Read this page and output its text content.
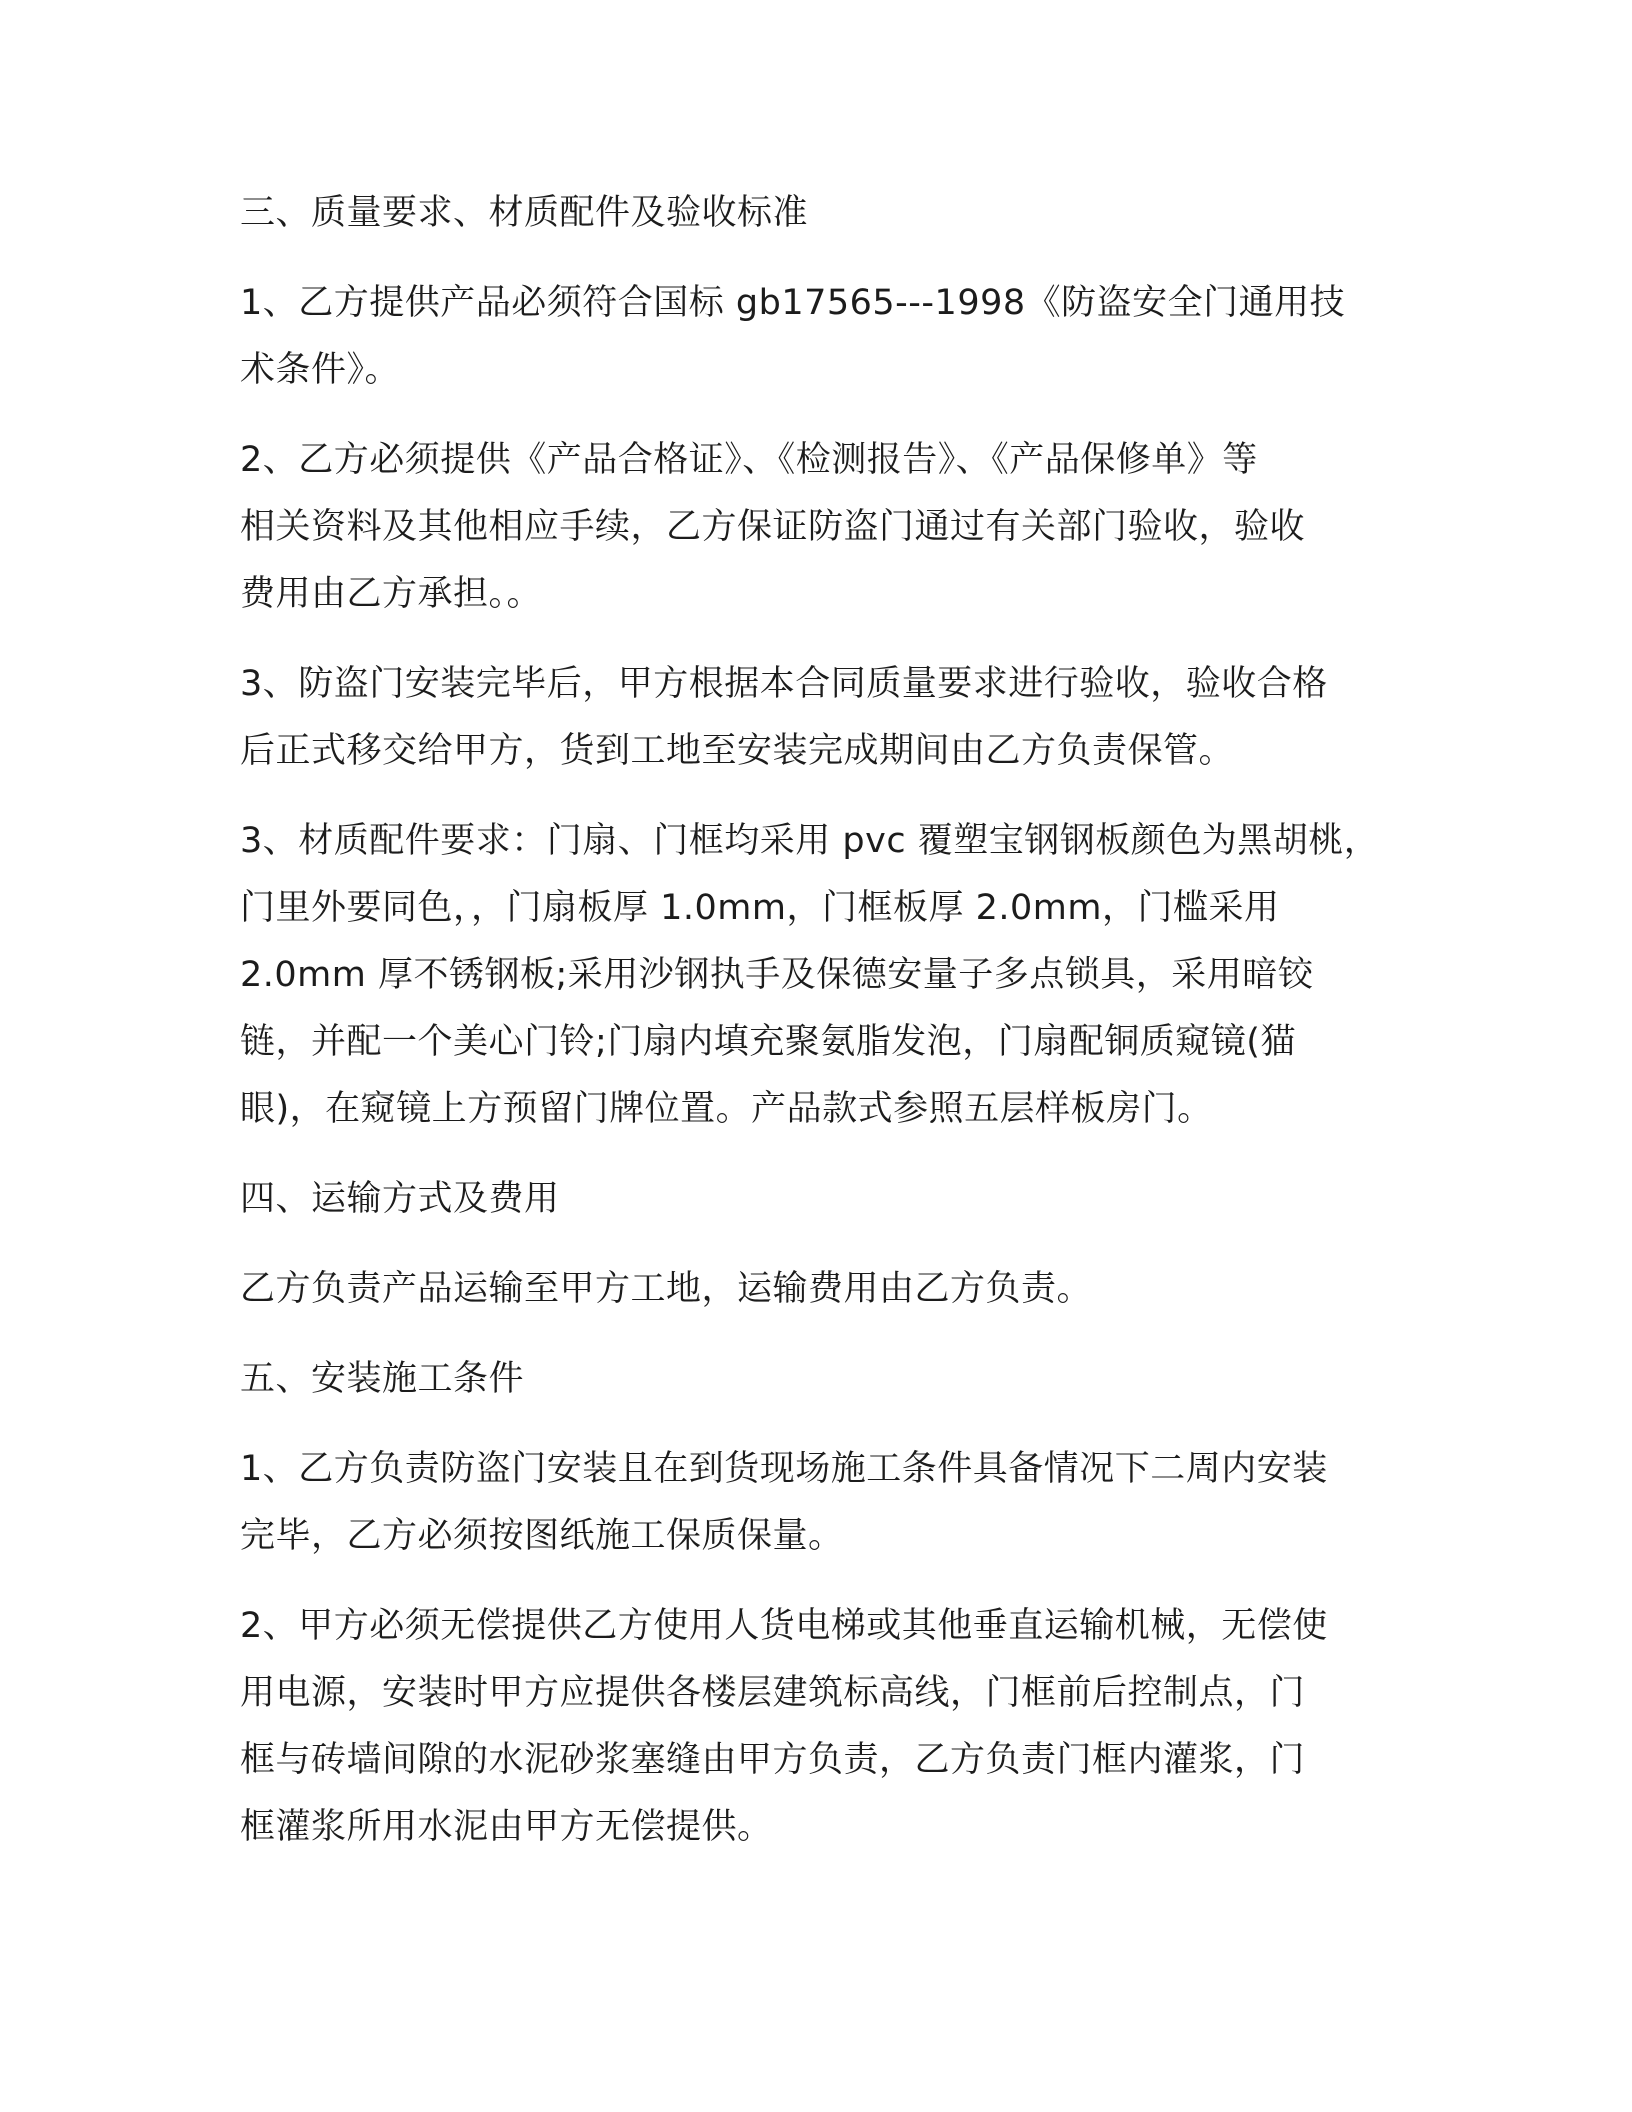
三、质量要求、材质配件及验收标准

1、乙方提供产品必须符合国标 gb17565---1998《防盗安全门通用技
术条件》。

2、乙方必须提供《产品合格证》、《检测报告》、《产品保修单》等
相关资料及其他相应手续，乙方保证防盗门通过有关部门验收，验收
费用由乙方承担。。

3、防盗门安装完毕后，甲方根据本合同质量要求进行验收，验收合格
后正式移交给甲方，货到工地至安装完成期间由乙方负责保管。

3、材质配件要求：门扇、门框均采用 pvc 覆塑宝钢钢板颜色为黑胡桃，
门里外要同色，，门扇板厚 1.0mm，门框板厚 2.0mm，门槛采用
2.0mm 厚不锈钢板;采用沙钢执手及保德安量子多点锁具，采用暗铰
链，并配一个美心门铃;门扇内填充聚氨脂发泡，门扇配铜质窥镜(猫
眼)，在窥镜上方预留门牌位置。产品款式参照五层样板房门。

四、运输方式及费用

乙方负责产品运输至甲方工地，运输费用由乙方负责。

五、安装施工条件

1、乙方负责防盗门安装且在到货现场施工条件具备情况下二周内安装
完毕，乙方必须按图纸施工保质保量。

2、甲方必须无偿提供乙方使用人货电梯或其他垂直运输机械，无偿使
用电源，安装时甲方应提供各楼层建筑标高线，门框前后控制点，门
框与砖墙间隙的水泥砂浆塞缝由甲方负责，乙方负责门框内灌浆，门
框灌浆所用水泥由甲方无偿提供。
